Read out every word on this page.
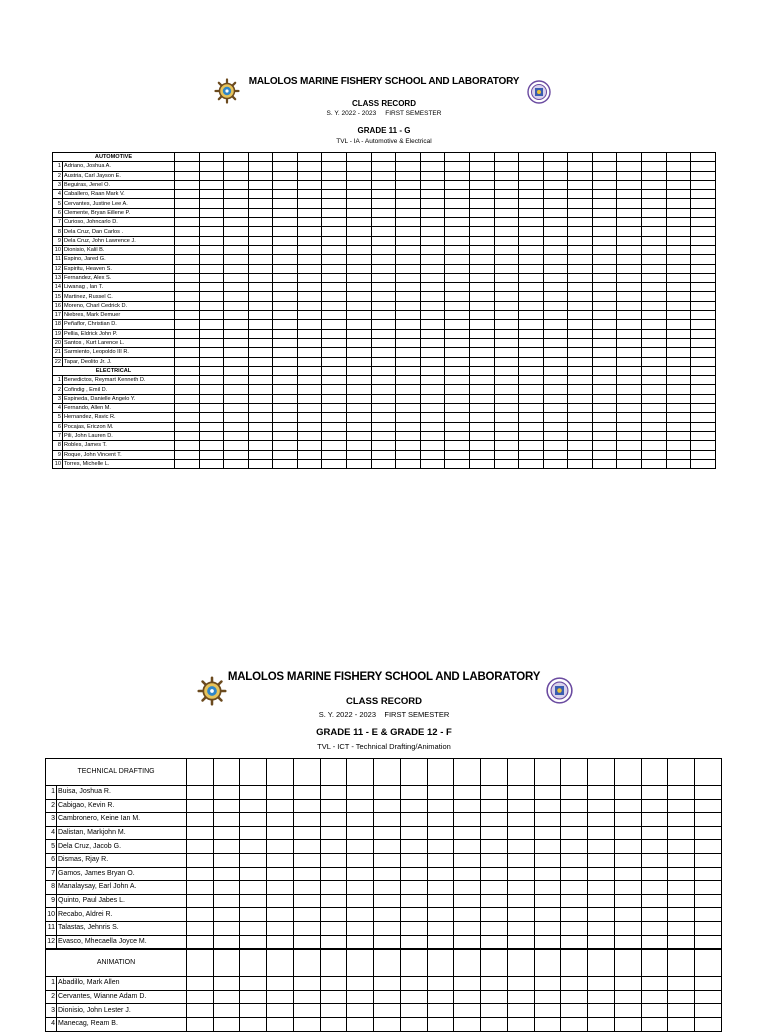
MALOLOS MARINE FISHERY SCHOOL AND LABORATORY
CLASS RECORD
S. Y. 2022 - 2023 FIRST SEMESTER
GRADE 11 - G
TVL - IA - Automotive & Electrical
AUTOMOTIVE																							
1	Adriano, Joshua A.																						
2	Austria, Carl Jayson E.																						
3	Beguiras, Jenel O.																						
4	Caballero, Raan Mark V.																						
5	Cervantes, Justine Lee A.																						
6	Clemente, Bryan Eillene P.																						
7	Curioso, Johncarlo D.																						
8	Dela Cruz, Dan Carlos .																						
9	Dela Cruz, John Lawrence J.																						
10	Dionisio, Kalil B.																						
11	Espino, Jared G.																						
12	Espiritu, Heaven S.																						
13	Fernandez, Alex S.																						
14	Liwanag , Ian T.																						
15	Martinez, Russel C.																						
16	Moreno, Charl Cedrick D.																						
17	Niebres, Mark Demuer																						
18	Peñaflor, Christian D.																						
19	Pellia, Eldrick John P.																						
20	Santos , Kurt Larence L.																						
21	Sarmiento, Leopoldo III R.																						
22	Tapar, Deolito Jr. J.																						
ELECTRICAL																							
1	Benedictos, Reymart Kenneth D.																						
2	Cofindig , Emil D.																						
3	Espineda, Danielle Angelo Y.																						
4	Fernando, Allen M.																						
5	Hernandez, Ravic R.																						
6	Pocajas, Ericzon M.																						
7	Pili, John Lauren D.																						
8	Robles, James T.																						
9	Roque, John Vincent T.																						
10	Torres, Michelle L.																						
MALOLOS MARINE FISHERY SCHOOL AND LABORATORY
CLASS RECORD
S. Y. 2022 - 2023 FIRST SEMESTER
GRADE 11 - E & GRADE 12 - F
TVL - ICT - Technical Drafting/Animation
TECHNICAL DRAFTING																					
1	Buisa, Joshua R.																				
2	Cabigao, Kevin R.																				
3	Cambronero, Keine Ian M.																				
4	Dalistan, Markjohn M.																				
5	Dela Cruz, Jacob G.																				
6	Dismas, Rjay R.																				
7	Gamos, James Bryan O.																				
8	Manalaysay, Earl John A.																				
9	Quinto, Paul Jabes L.																				
10	Recabo, Aldrei R.																				
11	Talastas, Jehnris S.																				
12	Evasco, Mhecaella Joyce M.																				
ANIMATION																					
1	Abadillo, Mark Allen																				
2	Cervantes, Wianne Adam D.																				
3	Dionisio, John Lester J.																				
4	Manecag, Ream B.																				
